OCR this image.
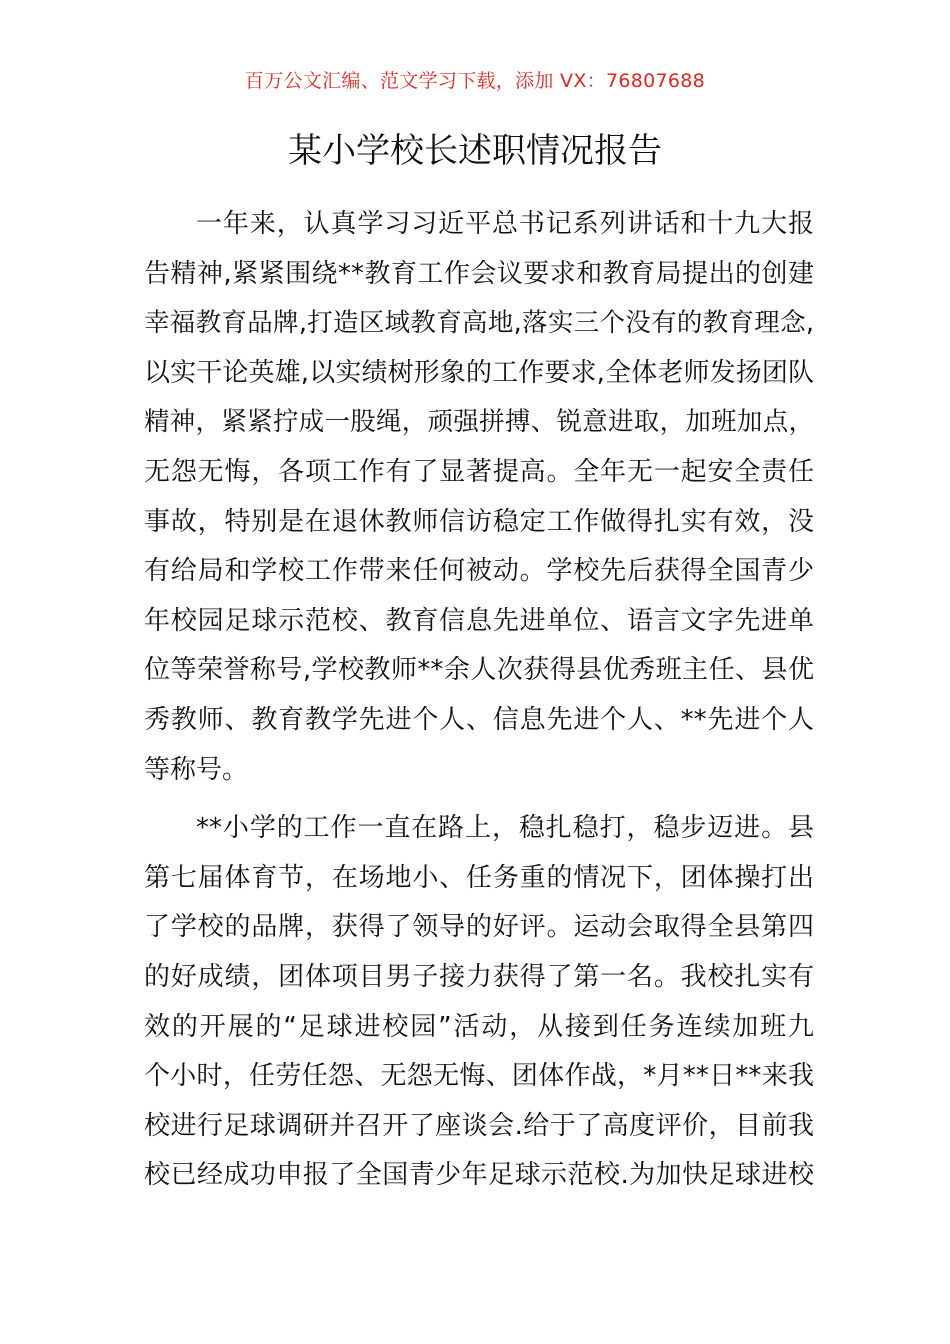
百万公文汇编、范文学习下载，添加 VX：76807688
某小学校长述职情况报告
一年来，认真学习习近平总书记系列讲话和十九大报
告精神,紧紧围绕**教育工作会议要求和教育局提出的创建
幸福教育品牌,打造区域教育高地,落实三个没有的教育理念,
以实干论英雄,以实绩树形象的工作要求,全体老师发扬团队
精神，紧紧拧成一股绳，顽强拼搏、锐意进取，加班加点，
无怨无悔，各项工作有了显著提高。全年无一起安全责任
事故，特别是在退休教师信访稳定工作做得扎实有效，没
有给局和学校工作带来任何被动。学校先后获得全国青少
年校园足球示范校、教育信息先进单位、语言文字先进单
位等荣誉称号,学校教师**余人次获得县优秀班主任、县优
秀教师、教育教学先进个人、信息先进个人、**先进个人
等称号。
**小学的工作一直在路上，稳扎稳打，稳步迈进。县
第七届体育节，在场地小、任务重的情况下，团体操打出
了学校的品牌，获得了领导的好评。运动会取得全县第四
的好成绩，团体项目男子接力获得了第一名。我校扎实有
效的开展的“足球进校园”活动，从接到任务连续加班九
个小时，任劳任怨、无怨无悔、团体作战，*月**日**来我
校进行足球调研并召开了座谈会.给于了高度评价，目前我
校已经成功申报了全国青少年足球示范校.为加快足球进校
